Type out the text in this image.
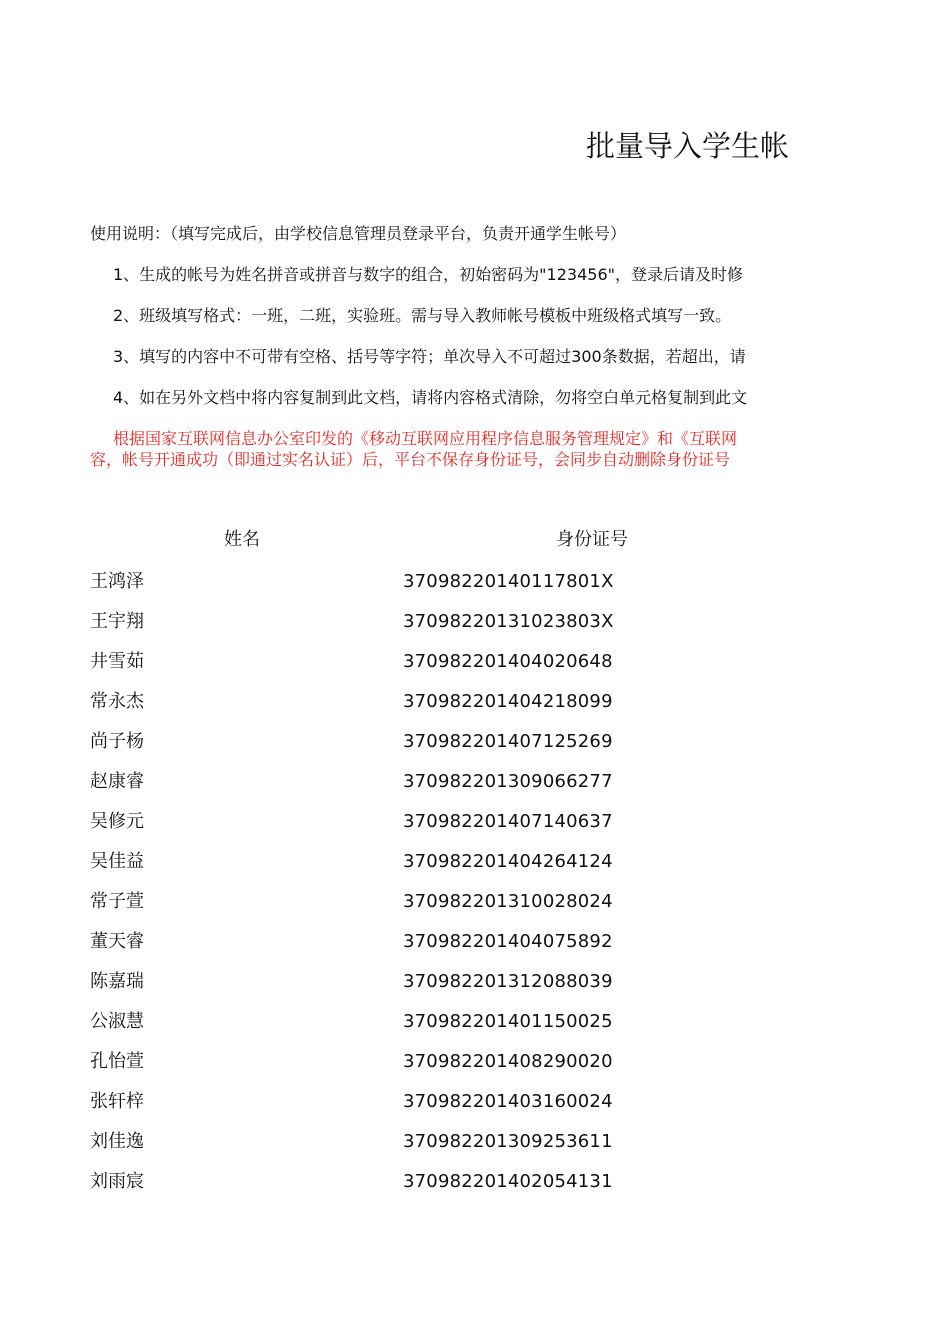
批量导入学生帐
使用说明：（填写完成后，由学校信息管理员登录平台，负责开通学生帐号）
1、生成的帐号为姓名拼音或拼音与数字的组合，初始密码为"123456"，登录后请及时修
2、班级填写格式：一班，二班，实验班。需与导入教师帐号模板中班级格式填写一致。
3、填写的内容中不可带有空格、括号等字符；单次导入不可超过300条数据，若超出，请
4、如在另外文档中将内容复制到此文档，请将内容格式清除，勿将空白单元格复制到此文
根据国家互联网信息办公室印发的《移动互联网应用程序信息服务管理规定》和《互联网
容，帐号开通成功（即通过实名认证）后，平台不保存身份证号，会同步自动删除身份证号
姓名	身份证号
王鸿泽	37098220140117801X
王宇翔	37098220131023803X
井雪茹	370982201404020648
常永杰	370982201404218099
尚子杨	370982201407125269
赵康睿	370982201309066277
吴修元	370982201407140637
吴佳益	370982201404264124
常子萱	370982201310028024
董天睿	370982201404075892
陈嘉瑞	370982201312088039
公淑慧	370982201401150025
孔怡萱	370982201408290020
张轩梓	370982201403160024
刘佳逸	370982201309253611
刘雨宸	370982201402054131
